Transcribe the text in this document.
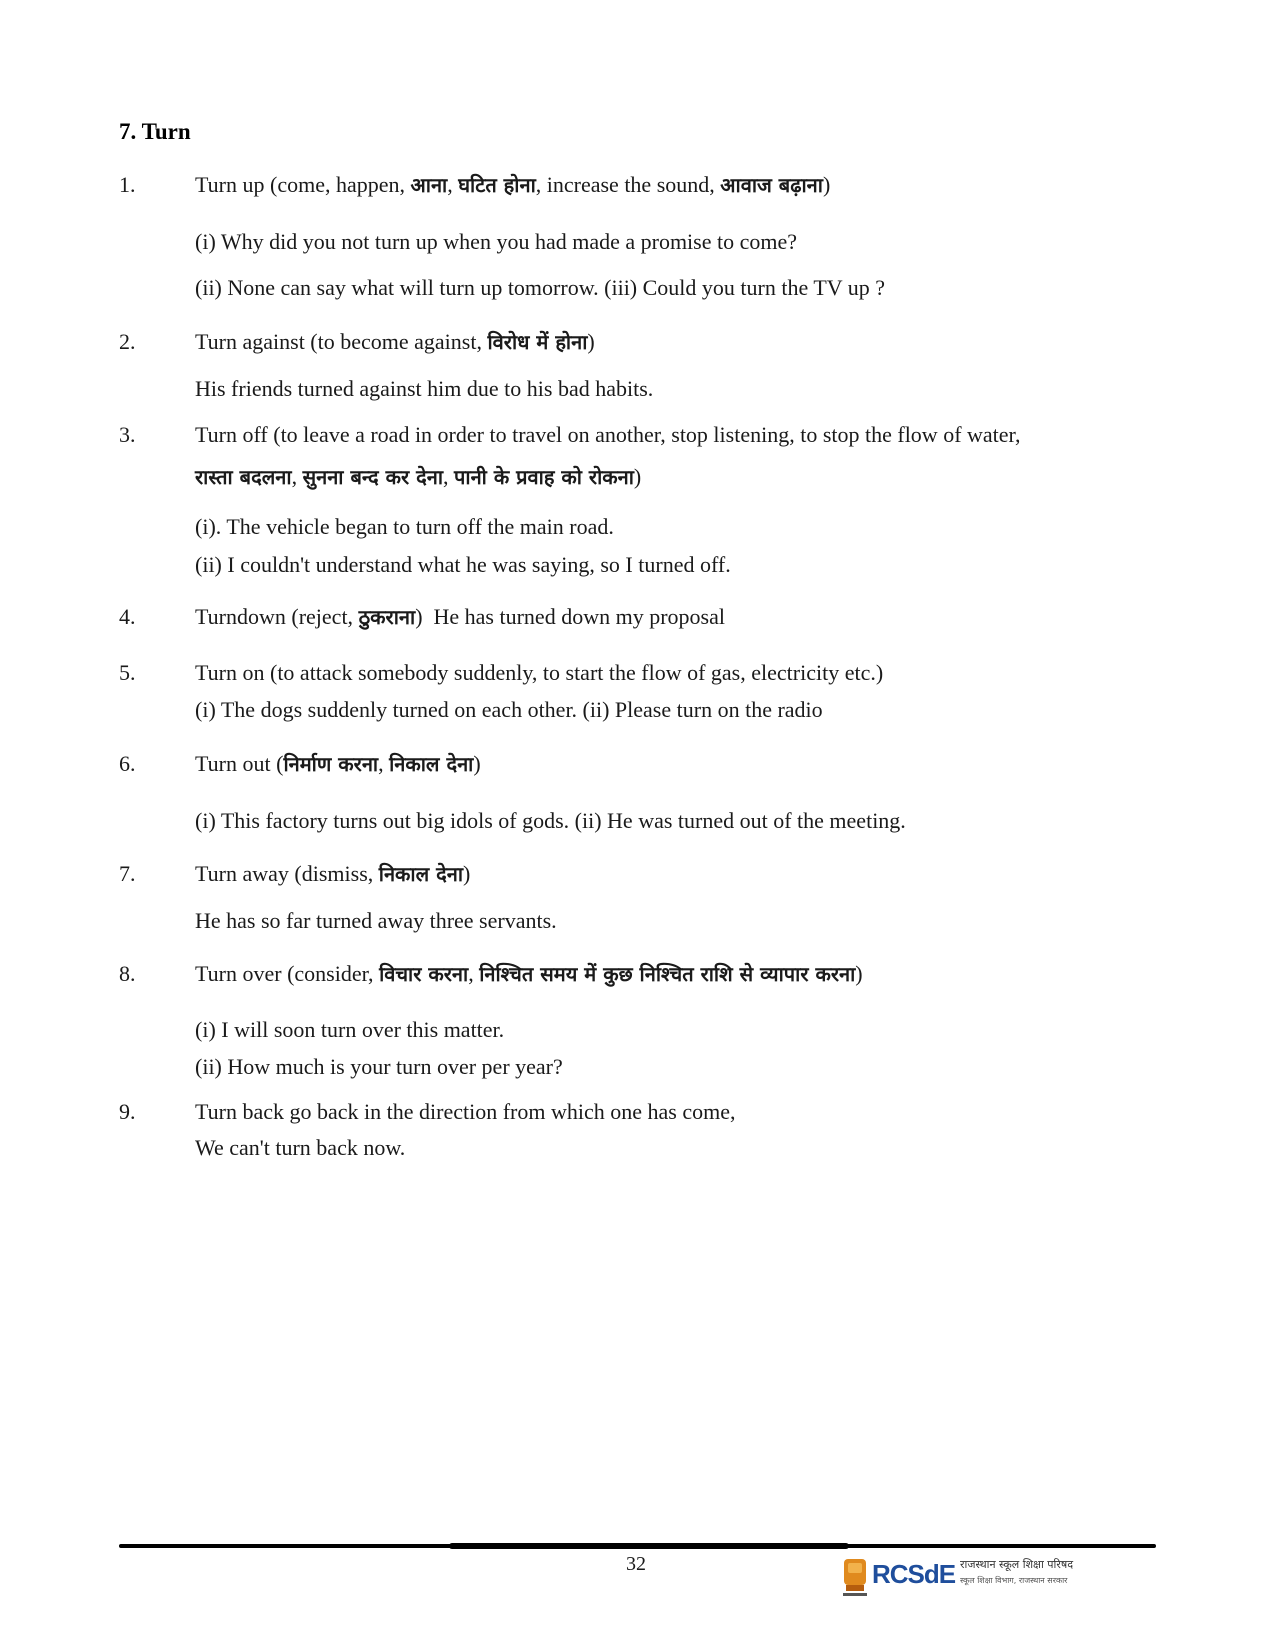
7. Turn
1.	Turn up (come, happen, आना, घटित होना, increase the sound, आवाज बढ़ाना)
(i) Why did you not turn up when you had made a promise to come?
(ii) None can say what will turn up tomorrow. (iii) Could you turn the TV up ?
2.	Turn against (to become against, विरोध में होना)
His friends turned against him due to his bad habits.
3.	Turn off (to leave a road in order to travel on another, stop listening, to stop the flow of water,
रास्ता बदलना, सुनना बन्द कर देना, पानी के प्रवाह को रोकना)
(i). The vehicle began to turn off the main road.
(ii) I couldn't understand what he was saying, so I turned off.
4.	Turndown (reject, ठुकराना)  He has turned down my proposal
5.	Turn on (to attack somebody suddenly, to start the flow of gas, electricity etc.)
(i) The dogs suddenly turned on each other. (ii) Please turn on the radio
6.	Turn out (निर्माण करना, निकाल देना)
(i) This factory turns out big idols of gods. (ii) He was turned out of the meeting.
7.	Turn away (dismiss, निकाल देना)
He has so far turned away three servants.
8.	Turn over (consider, विचार करना, निश्चित समय में कुछ निश्चित राशि से व्यापार करना)
(i) I will soon turn over this matter.
(ii) How much is your turn over per year?
9.	Turn back go back in the direction from which one has come,
We can't turn back now.
32	RCSdE राजस्थान स्कूल शिक्षा परिषद
स्कूल शिक्षा विभाग, राजस्थान सरकार
